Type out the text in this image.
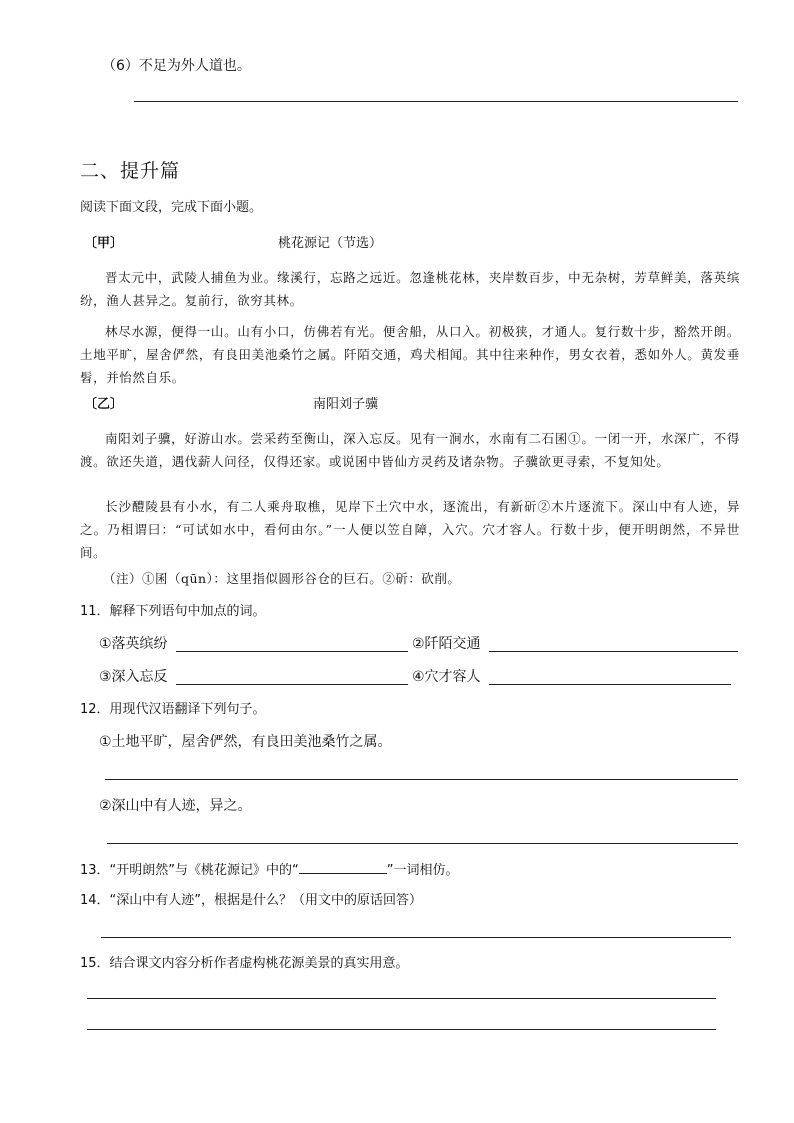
（6）不足为外人道也。
二、提升篇
阅读下面文段，完成下面小题。
〔甲〕	桃花源记（节选）
晋太元中，武陵人捕鱼为业。缘溪行，忘路之远近。忽逢桃花林，夹岸数百步，中无杂树，芳草鲜美，落英缤纷，渔人甚异之。复前行，欲穷其林。
林尽水源，便得一山。山有小口，仿佛若有光。便舍船，从口入。初极狭，才通人。复行数十步，豁然开朗。土地平旷，屋舍俨然，有良田美池桑竹之属。阡陌交通，鸡犬相闻。其中往来种作，男女衣着，悉如外人。黄发垂髫，并怡然自乐。
〔乙〕	南阳刘子骥
南阳刘子骥，好游山水。尝采药至衡山，深入忘反。见有一涧水，水南有二石囷①。一闭一开，水深广，不得渡。欲还失道，遇伐薪人问径，仅得还家。或说囷中皆仙方灵药及诸杂物。子骥欲更寻索，不复知处。
长沙醴陵县有小水，有二人乘舟取樵，见岸下土穴中水，逐流出，有新斫②木片逐流下。深山中有人迹，异之。乃相谓曰：“可试如水中，看何由尔。”一人便以笠自障，入穴。穴才容人。行数十步，便开明朗然，不异世间。
（注）①囷（qūn）：这里指似圆形谷仓的巨石。②斫：砍削。
11．解释下列语句中加点的词。
①落英缤纷	②阡陌交通
③深入忘反	④穴才容人
12．用现代汉语翻译下列句子。
①土地平旷，屋舍俨然，有良田美池桑竹之属。
②深山中有人迹，异之。
13．“开明朗然”与《桃花源记》中的“	”一词相仿。
14．“深山中有人迹”，根据是什么？（用文中的原话回答）
15．结合课文内容分析作者虚构桃花源美景的真实用意。
